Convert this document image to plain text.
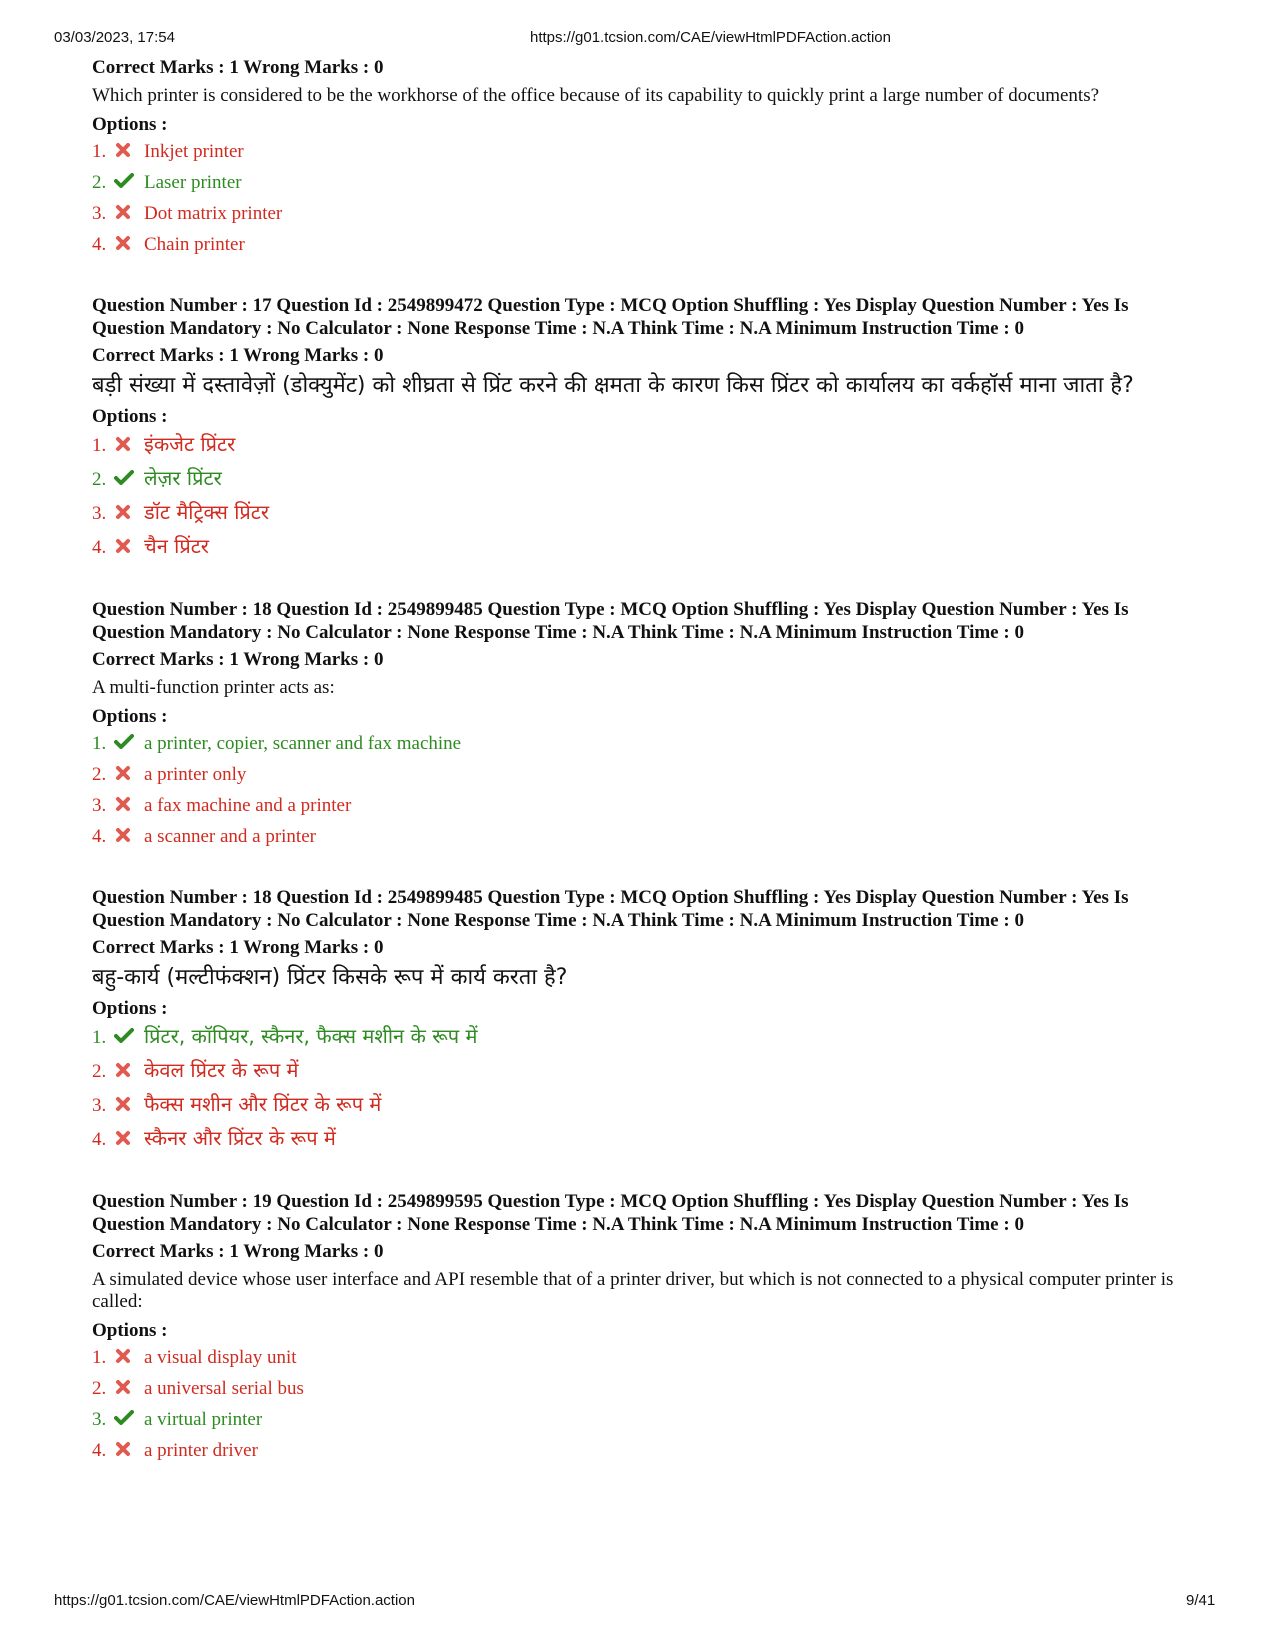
03/03/2023, 17:54	https://g01.tcsion.com/CAE/viewHtmlPDFAction.action
Correct Marks : 1 Wrong Marks : 0
Which printer is considered to be the workhorse of the office because of its capability to quickly print a large number of documents?
Options :
1.	Inkjet printer
2.	Laser printer
3.	Dot matrix printer
4.	Chain printer
Question Number : 17 Question Id : 2549899472 Question Type : MCQ Option Shuffling : Yes Display Question Number : Yes Is Question Mandatory : No Calculator : None Response Time : N.A Think Time : N.A Minimum Instruction Time : 0
Correct Marks : 1 Wrong Marks : 0
बड़ी संख्या में दस्तावेज़ों (डोक्युमेंट) को शीघ्रता से प्रिंट करने की क्षमता के कारण किस प्रिंटर को कार्यालय का वर्कहॉर्स माना जाता है?
Options :
1.	इंकजेट प्रिंटर
2.	लेज़र प्रिंटर
3.	डॉट मैट्रिक्स प्रिंटर
4.	चैन प्रिंटर
Question Number : 18 Question Id : 2549899485 Question Type : MCQ Option Shuffling : Yes Display Question Number : Yes Is Question Mandatory : No Calculator : None Response Time : N.A Think Time : N.A Minimum Instruction Time : 0
Correct Marks : 1 Wrong Marks : 0
A multi-function printer acts as:
Options :
1.	a printer, copier, scanner and fax machine
2.	a printer only
3.	a fax machine and a printer
4.	a scanner and a printer
Question Number : 18 Question Id : 2549899485 Question Type : MCQ Option Shuffling : Yes Display Question Number : Yes Is Question Mandatory : No Calculator : None Response Time : N.A Think Time : N.A Minimum Instruction Time : 0
Correct Marks : 1 Wrong Marks : 0
बहु-कार्य (मल्टीफंक्शन) प्रिंटर किसके रूप में कार्य करता है?
Options :
1.	प्रिंटर, कॉपियर, स्कैनर, फैक्स मशीन के रूप में
2.	केवल प्रिंटर के रूप में
3.	फैक्स मशीन और प्रिंटर के रूप में
4.	स्कैनर और प्रिंटर के रूप में
Question Number : 19 Question Id : 2549899595 Question Type : MCQ Option Shuffling : Yes Display Question Number : Yes Is Question Mandatory : No Calculator : None Response Time : N.A Think Time : N.A Minimum Instruction Time : 0
Correct Marks : 1 Wrong Marks : 0
A simulated device whose user interface and API resemble that of a printer driver, but which is not connected to a physical computer printer is called:
Options :
1.	a visual display unit
2.	a universal serial bus
3.	a virtual printer
4.	a printer driver
https://g01.tcsion.com/CAE/viewHtmlPDFAction.action	9/41
